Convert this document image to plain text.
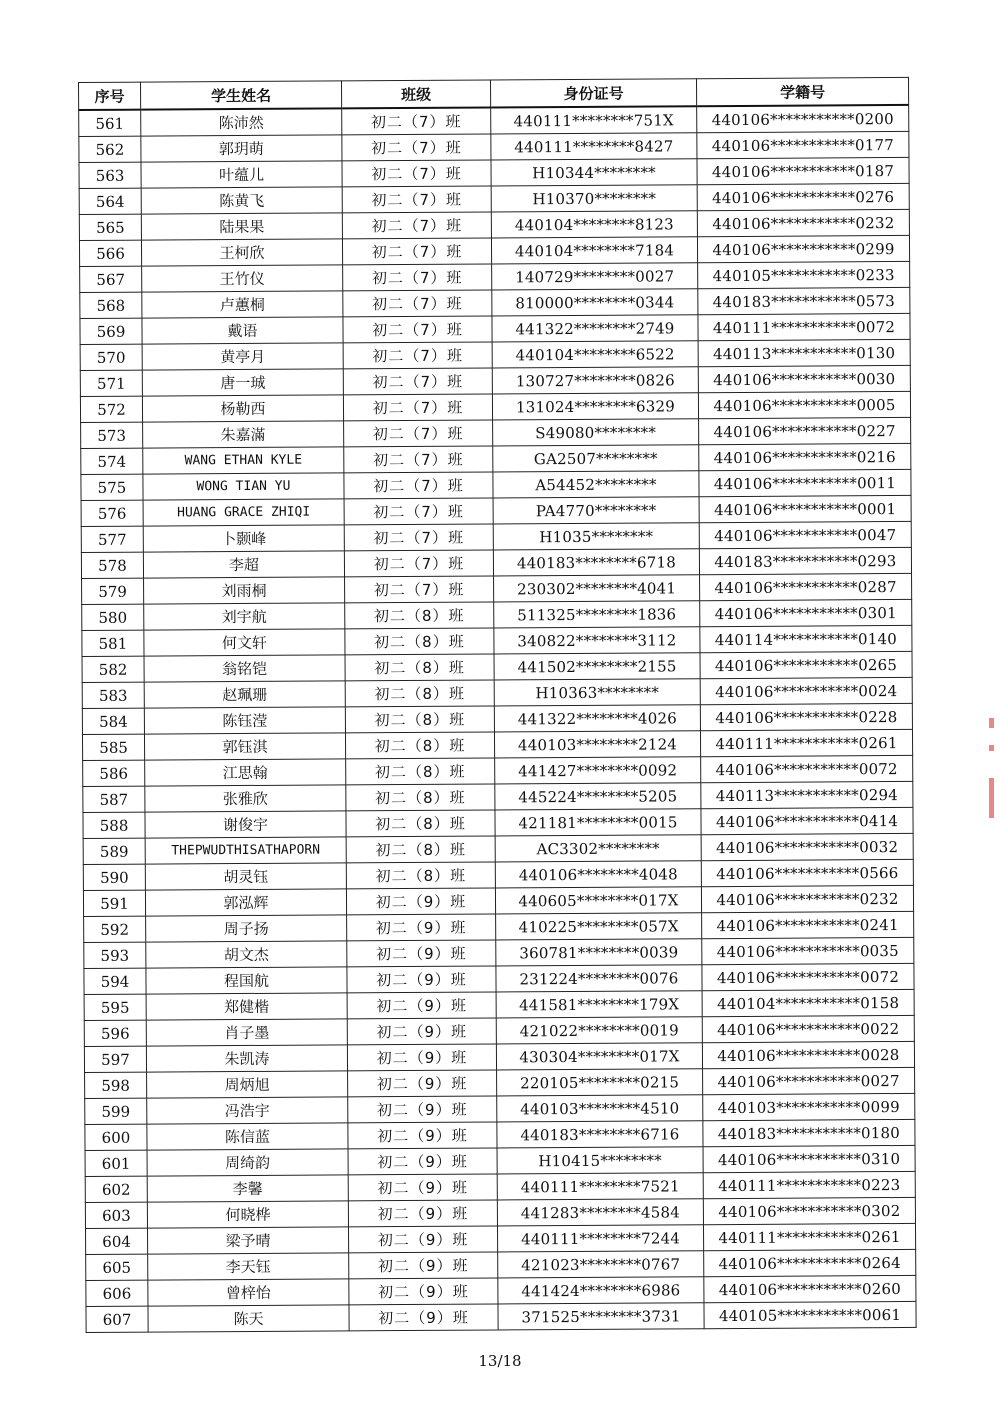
序号	学生姓名	班级	身份证号	学籍号
561	陈沛然	初二（7）班	440111********751X	440106***********0200
562	郭玥萌	初二（7）班	440111********8427	440106***********0177
563	叶蕴儿	初二（7）班	H10344********	440106***********0187
564	陈黄飞	初二（7）班	H10370********	440106***********0276
565	陆果果	初二（7）班	440104********8123	440106***********0232
566	王柯欣	初二（7）班	440104********7184	440106***********0299
567	王竹仪	初二（7）班	140729********0027	440105***********0233
568	卢蕙桐	初二（7）班	810000********0344	440183***********0573
569	戴语	初二（7）班	441322********2749	440111***********0072
570	黄亭月	初二（7）班	440104********6522	440113***********0130
571	唐一珹	初二（7）班	130727********0826	440106***********0030
572	杨勒西	初二（7）班	131024********6329	440106***********0005
573	朱嘉滿	初二（7）班	S49080********	440106***********0227
574	WANG ETHAN KYLE	初二（7）班	GA2507********	440106***********0216
575	WONG TIAN YU	初二（7）班	A54452********	440106***********0011
576	HUANG GRACE ZHIQI	初二（7）班	PA4770********	440106***********0001
577	卜颢峰	初二（7）班	H1035********	440106***********0047
578	李超	初二（7）班	440183********6718	440183***********0293
579	刘雨桐	初二（7）班	230302********4041	440106***********0287
580	刘宇航	初二（8）班	511325********1836	440106***********0301
581	何文轩	初二（8）班	340822********3112	440114***********0140
582	翁铭铠	初二（8）班	441502********2155	440106***********0265
583	赵珮珊	初二（8）班	H10363********	440106***********0024
584	陈钰滢	初二（8）班	441322********4026	440106***********0228
585	郭钰淇	初二（8）班	440103********2124	440111***********0261
586	江思翰	初二（8）班	441427********0092	440106***********0072
587	张雅欣	初二（8）班	445224********5205	440113***********0294
588	谢俊宇	初二（8）班	421181********0015	440106***********0414
589	THEPWUDTHISATHAPORN	初二（8）班	AC3302********	440106***********0032
590	胡灵钰	初二（8）班	440106********4048	440106***********0566
591	郭泓辉	初二（9）班	440605********017X	440106***********0232
592	周子扬	初二（9）班	410225********057X	440106***********0241
593	胡文杰	初二（9）班	360781********0039	440106***********0035
594	程国航	初二（9）班	231224********0076	440106***********0072
595	郑健楷	初二（9）班	441581********179X	440104***********0158
596	肖子墨	初二（9）班	421022********0019	440106***********0022
597	朱凯涛	初二（9）班	430304********017X	440106***********0028
598	周炳旭	初二（9）班	220105********0215	440106***********0027
599	冯浩宇	初二（9）班	440103********4510	440103***********0099
600	陈信蓝	初二（9）班	440183********6716	440183***********0180
601	周绮韵	初二（9）班	H10415********	440106***********0310
602	李馨	初二（9）班	440111********7521	440111***********0223
603	何晓桦	初二（9）班	441283********4584	440106***********0302
604	梁予晴	初二（9）班	440111********7244	440111***********0261
605	李天钰	初二（9）班	421023********0767	440106***********0264
606	曾梓怡	初二（9）班	441424********6986	440106***********0260
607	陈天	初二（9）班	371525********3731	440105***********0061
13/18
